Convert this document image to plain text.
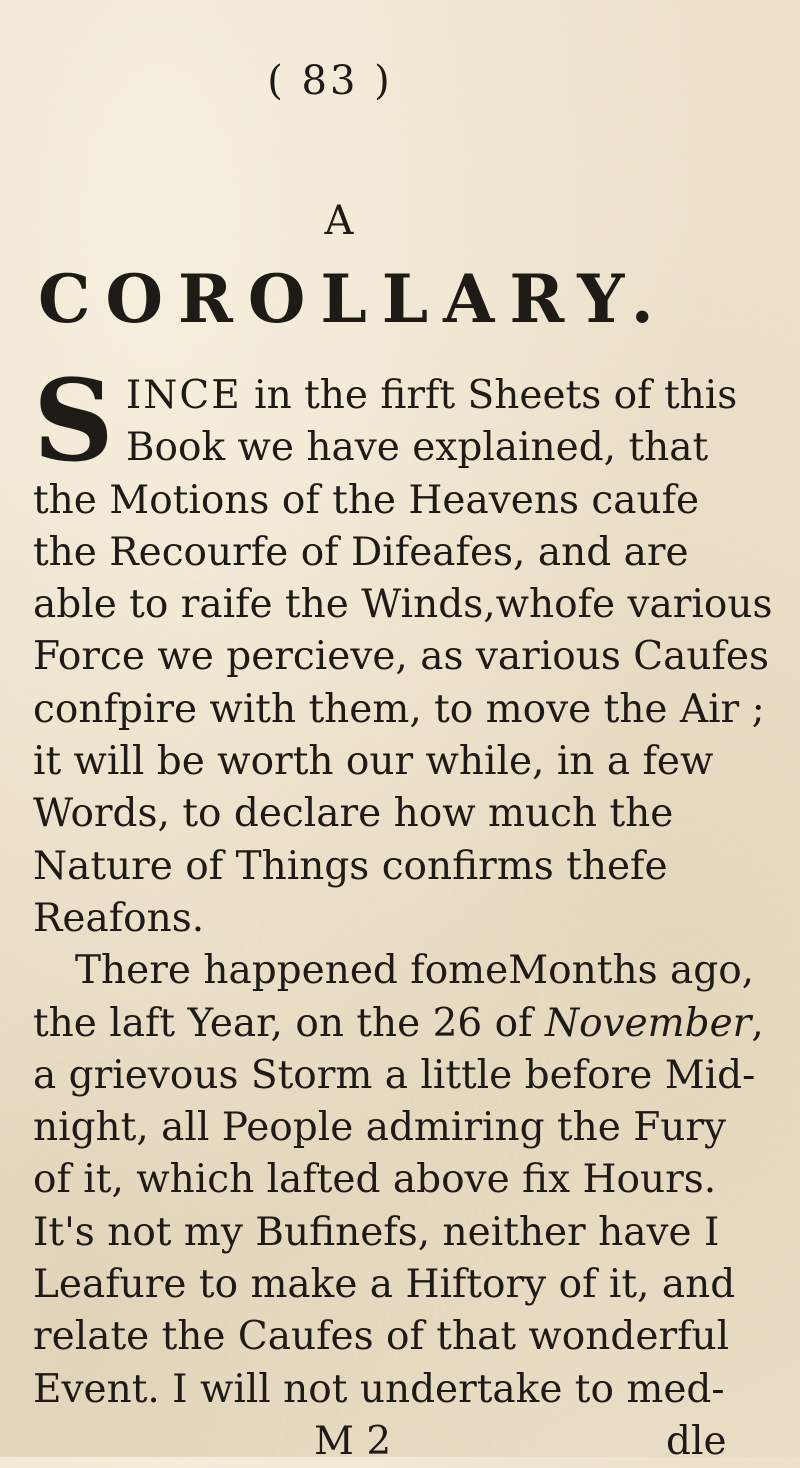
( 83 )
A
COROLLARY.
S INCE in the firft Sheets of this
Book we have explained, that
the Motions of the Heavens caufe
the Recourfe of Difeafes, and are
able to raife the Winds,whofe various
Force we percieve, as various Caufes
confpire with them, to move the Air ;
it will be worth our while, in a few
Words, to declare how much the
Nature of Things confirms thefe
Reafons.
There happened fomeMonths ago,
the laft Year, on the 26 of November,
a grievous Storm a little before Mid-
night, all People admiring the Fury
of it, which lafted above fix Hours.
It's not my Bufinefs, neither have I
Leafure to make a Hiftory of it, and
relate the Caufes of that wonderful
Event. I will not undertake to med-
M 2	dle
